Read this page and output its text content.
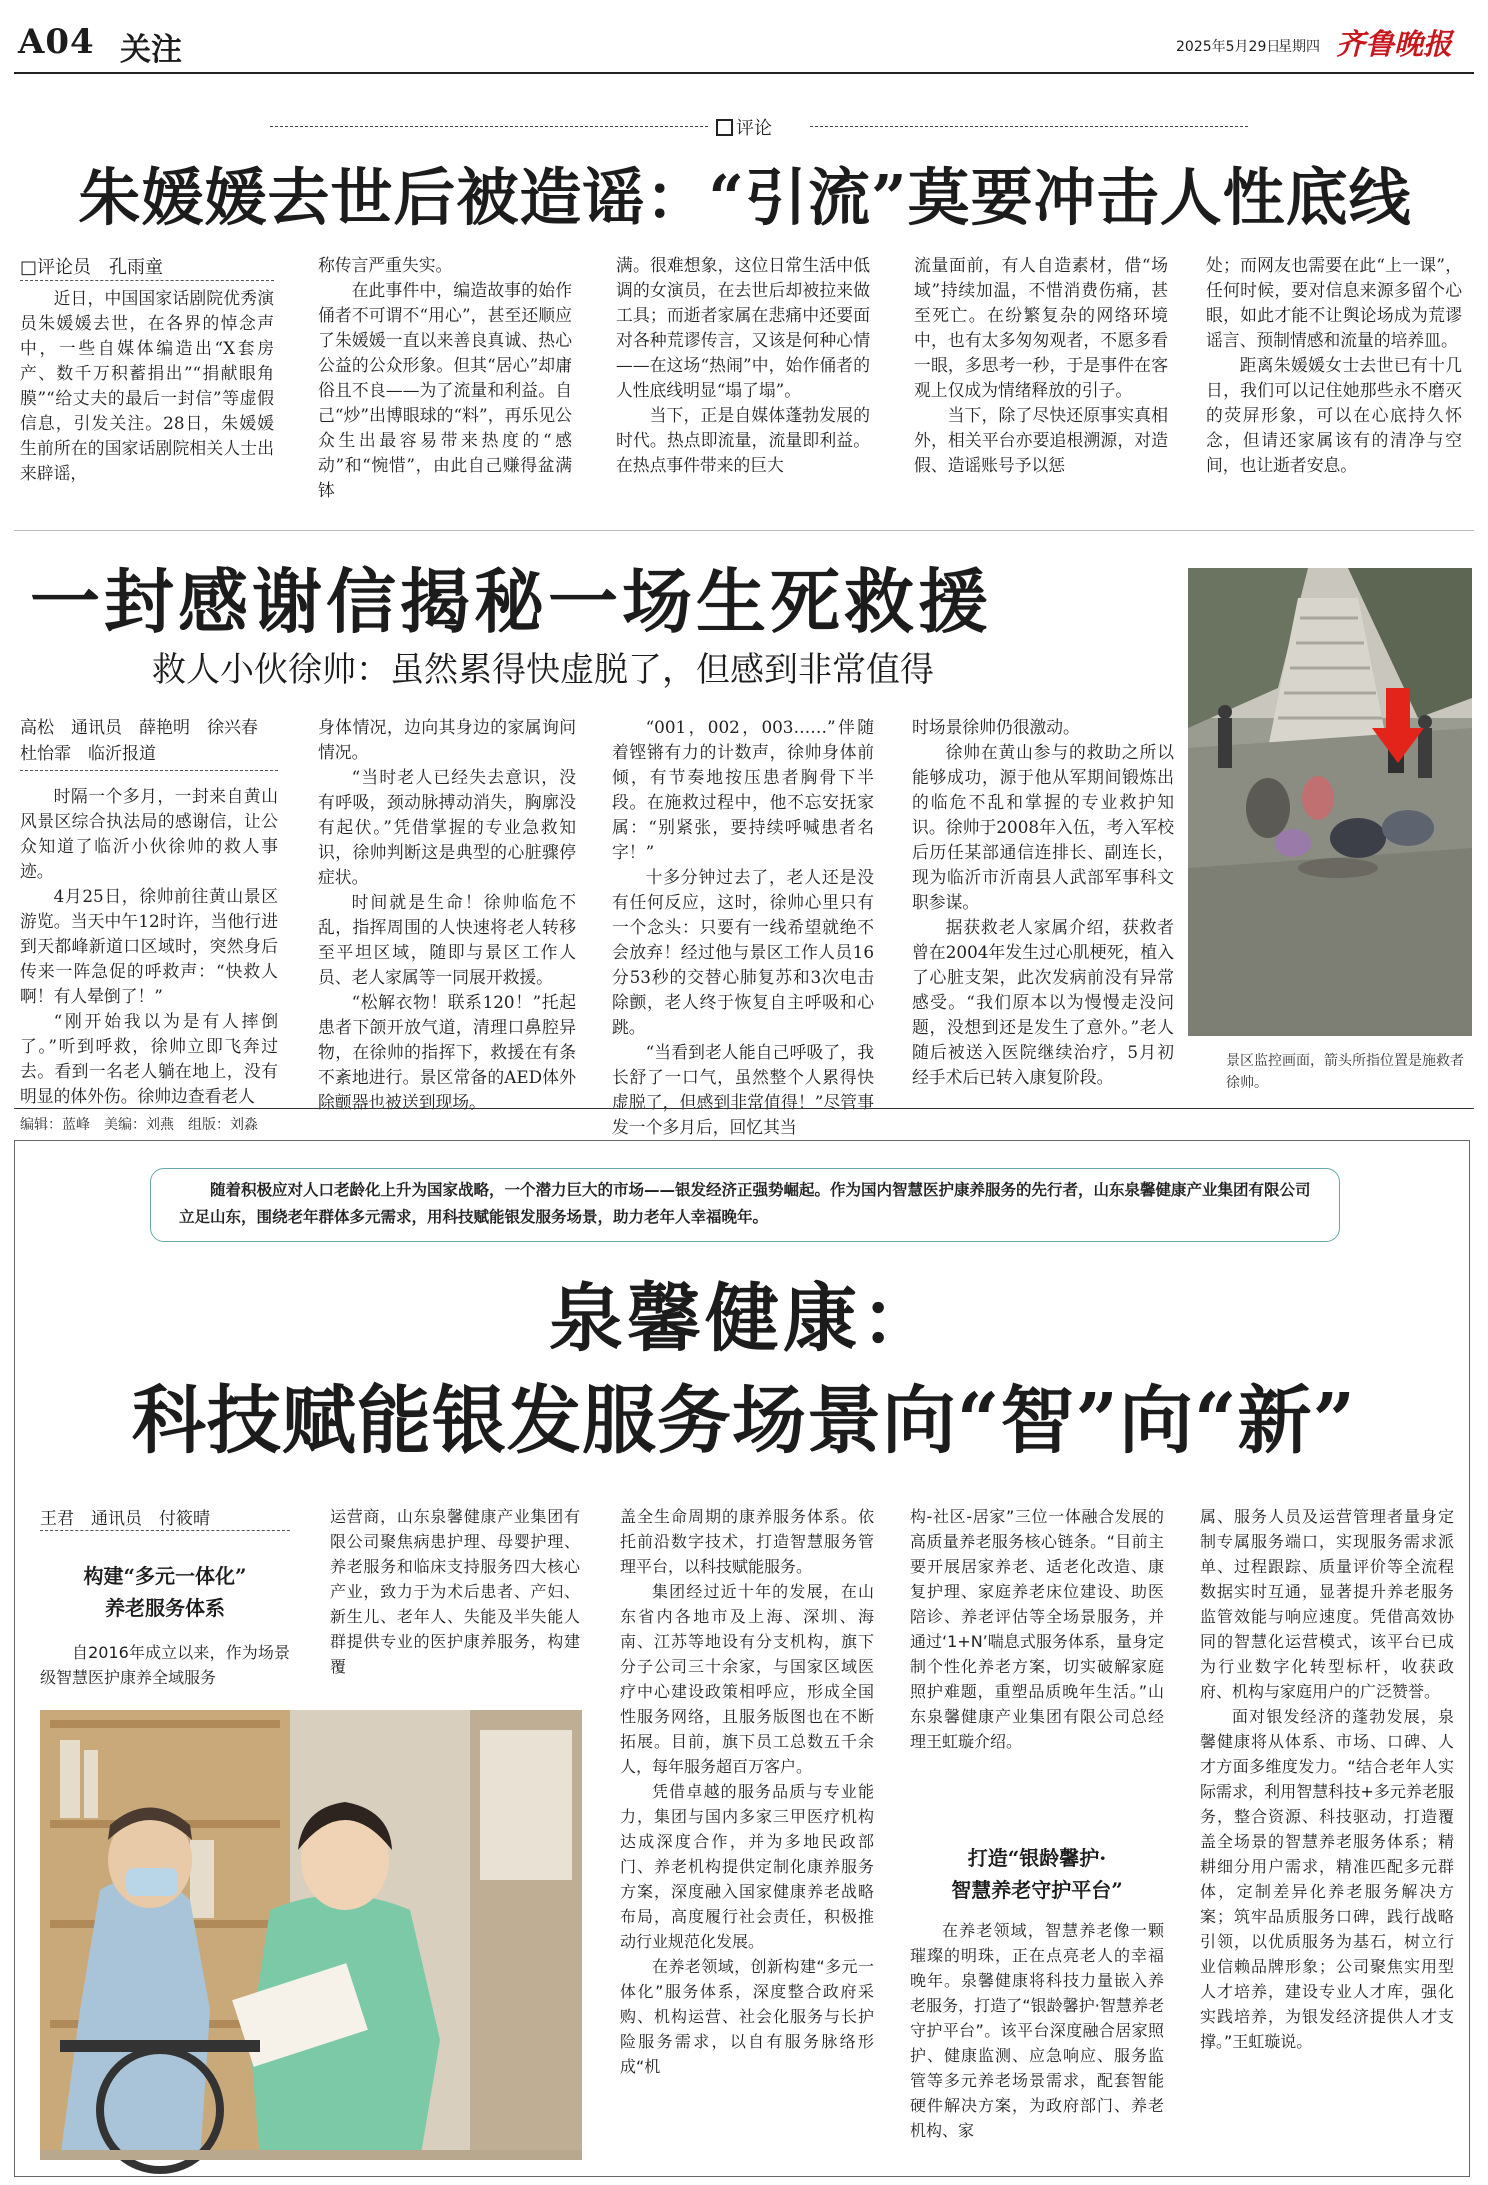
A04 关注	2025年5月29日
星期四 齐鲁晚报
评论
朱媛媛去世后被造谣：“引流”莫要冲击人性底线
□评论员　孔雨童

近日，中国国家话剧院优秀演员朱媛媛去世，在各界的悼念声中，一些自媒体编造出“X套房产、数千万积蓄捐出”“捐献眼角膜”“给丈夫的最后一封信”等虚假信息，引发关注。28日，朱媛媛生前所在的国家话剧院相关人士出来辟谣，

称传言严重失实。

在此事件中，编造故事的始作俑者不可谓不“用心”，甚至还顺应了朱媛媛一直以来善良真诚、热心公益的公众形象。但其“居心”却庸俗且不良——为了流量和利益。自己“炒”出博眼球的“料”，再乐见公众生出最容易带来热度的“感动”和“惋惜”，由此自己赚得盆满钵

满。很难想象，这位日常生活中低调的女演员，在去世后却被拉来做工具；而逝者家属在悲痛中还要面对各种荒谬传言，又该是何种心情——在这场“热闹”中，始作俑者的人性底线明显“塌了塌”。

当下，正是自媒体蓬勃发展的时代。热点即流量，流量即利益。在热点事件带来的巨大

流量面前，有人自造素材，借“场域”持续加温，不惜消费伤痛，甚至死亡。在纷繁复杂的网络环境中，也有太多匆匆观者，不愿多看一眼，多思考一秒，于是事件在客观上仅成为情绪释放的引子。

当下，除了尽快还原事实真相外，相关平台亦要追根溯源，对造假、造谣账号予以惩

处；而网友也需要在此“上一课”，任何时候，要对信息来源多留个心眼，如此才能不让舆论场成为荒谬谣言、预制情感和流量的培养皿。

距离朱媛媛女士去世已有十几日，我们可以记住她那些永不磨灭的荧屏形象，可以在心底持久怀念，但请还家属该有的清净与空间，也让逝者安息。

一封感谢信揭秘一场生死救援
救人小伙徐帅：虽然累得快虚脱了，但感到非常值得
高松　通讯员　薛艳明　徐兴春
杜怡霏　临沂报道

时隔一个多月，一封来自黄山风景区综合执法局的感谢信，让公众知道了临沂小伙徐帅的救人事迹。

4月25日，徐帅前往黄山景区游览。当天中午12时许，当他行进到天都峰新道口区域时，突然身后传来一阵急促的呼救声：“快救人啊！有人晕倒了！”

“刚开始我以为是有人摔倒了。”听到呼救，徐帅立即飞奔过去。看到一名老人躺在地上，没有明显的体外伤。徐帅边查看老人

身体情况，边向其身边的家属询问情况。

“当时老人已经失去意识，没有呼吸，颈动脉搏动消失，胸廓没有起伏。”凭借掌握的专业急救知识，徐帅判断这是典型的心脏骤停症状。

时间就是生命！徐帅临危不乱，指挥周围的人快速将老人转移至平坦区域，随即与景区工作人员、老人家属等一同展开救援。

“松解衣物！联系120！”托起患者下颌开放气道，清理口鼻腔异物，在徐帅的指挥下，救援在有条不紊地进行。景区常备的AED体外除颤器也被送到现场。

“001，002，003……”伴随着铿锵有力的计数声，徐帅身体前倾，有节奏地按压患者胸骨下半段。在施救过程中，他不忘安抚家属：“别紧张，要持续呼喊患者名字！”

十多分钟过去了，老人还是没有任何反应，这时，徐帅心里只有一个念头：只要有一线希望就绝不会放弃！经过他与景区工作人员16分53秒的交替心肺复苏和3次电击除颤，老人终于恢复自主呼吸和心跳。

“当看到老人能自己呼吸了，我长舒了一口气，虽然整个人累得快虚脱了，但感到非常值得！”尽管事发一个多月后，回忆其当

时场景徐帅仍很激动。

徐帅在黄山参与的救助之所以能够成功，源于他从军期间锻炼出的临危不乱和掌握的专业救护知识。徐帅于2008年入伍，考入军校后历任某部通信连排长、副连长，现为临沂市沂南县人武部军事科文职参谋。

据获救老人家属介绍，获救者曾在2004年发生过心肌梗死，植入了心脏支架，此次发病前没有异常感受。“我们原本以为慢慢走没问题，没想到还是发生了意外。”老人随后被送入医院继续治疗，5月初经手术后已转入康复阶段。

景区监控画面，箭头所指位置是施救者徐帅。
编辑：蓝峰　美编：刘燕　组版：刘淼
随着积极应对人口老龄化上升为国家战略，一个潜力巨大的市场——银发经济正强势崛起。作为国内智慧医护康养服务的先行者，山东泉馨健康产业集团有限公司立足山东，围绕老年群体多元需求，用科技赋能银发服务场景，助力老年人幸福晚年。
泉馨健康：
科技赋能银发服务场景向“智”向“新”
王君　通讯员　付筱晴
构建“多元一体化”
养老服务体系

自2016年成立以来，作为场景级智慧医护康养全域服务

运营商，山东泉馨健康产业集团有限公司聚焦病患护理、母婴护理、养老服务和临床支持服务四大核心产业，致力于为术后患者、产妇、新生儿、老年人、失能及半失能人群提供专业的医护康养服务，构建覆

盖全生命周期的康养服务体系。依托前沿数字技术，打造智慧服务管理平台，以科技赋能服务。

集团经过近十年的发展，在山东省内各地市及上海、深圳、海南、江苏等地设有分支机构，旗下分子公司三十余家，与国家区域医疗中心建设政策相呼应，形成全国性服务网络，且服务版图也在不断拓展。目前，旗下员工总数五千余人，每年服务超百万客户。

凭借卓越的服务品质与专业能力，集团与国内多家三甲医疗机构达成深度合作，并为多地民政部门、养老机构提供定制化康养服务方案，深度融入国家健康养老战略布局，高度履行社会责任，积极推动行业规范化发展。

在养老领域，创新构建“多元一体化”服务体系，深度整合政府采购、机构运营、社会化服务与长护险服务需求，以自有服务脉络形成“机

构-社区-居家”三位一体融合发展的高质量养老服务核心链条。“目前主要开展居家养老、适老化改造、康复护理、家庭养老床位建设、助医陪诊、养老评估等全场景服务，并通过‘1+N’喘息式服务体系，量身定制个性化养老方案，切实破解家庭照护难题，重塑品质晚年生活。”山东泉馨健康产业集团有限公司总经理王虹璇介绍。

打造“银龄馨护·
智慧养老守护平台”

在养老领域，智慧养老像一颗璀璨的明珠，正在点亮老人的幸福晚年。泉馨健康将科技力量嵌入养老服务，打造了“银龄馨护·智慧养老守护平台”。该平台深度融合居家照护、健康监测、应急响应、服务监管等多元养老场景需求，配套智能硬件解决方案，为政府部门、养老机构、家

属、服务人员及运营管理者量身定制专属服务端口，实现服务需求派单、过程跟踪、质量评价等全流程数据实时互通，显著提升养老服务监管效能与响应速度。凭借高效协同的智慧化运营模式，该平台已成为行业数字化转型标杆，收获政府、机构与家庭用户的广泛赞誉。

面对银发经济的蓬勃发展，泉馨健康将从体系、市场、口碑、人才方面多维度发力。“结合老年人实际需求，利用智慧科技+多元养老服务，整合资源、科技驱动，打造覆盖全场景的智慧养老服务体系；精耕细分用户需求，精准匹配多元群体，定制差异化养老服务解决方案；筑牢品质服务口碑，践行战略引领，以优质服务为基石，树立行业信赖品牌形象；公司聚焦实用型人才培养，建设专业人才库，强化实践培养，为银发经济提供人才支撑。”王虹璇说。
